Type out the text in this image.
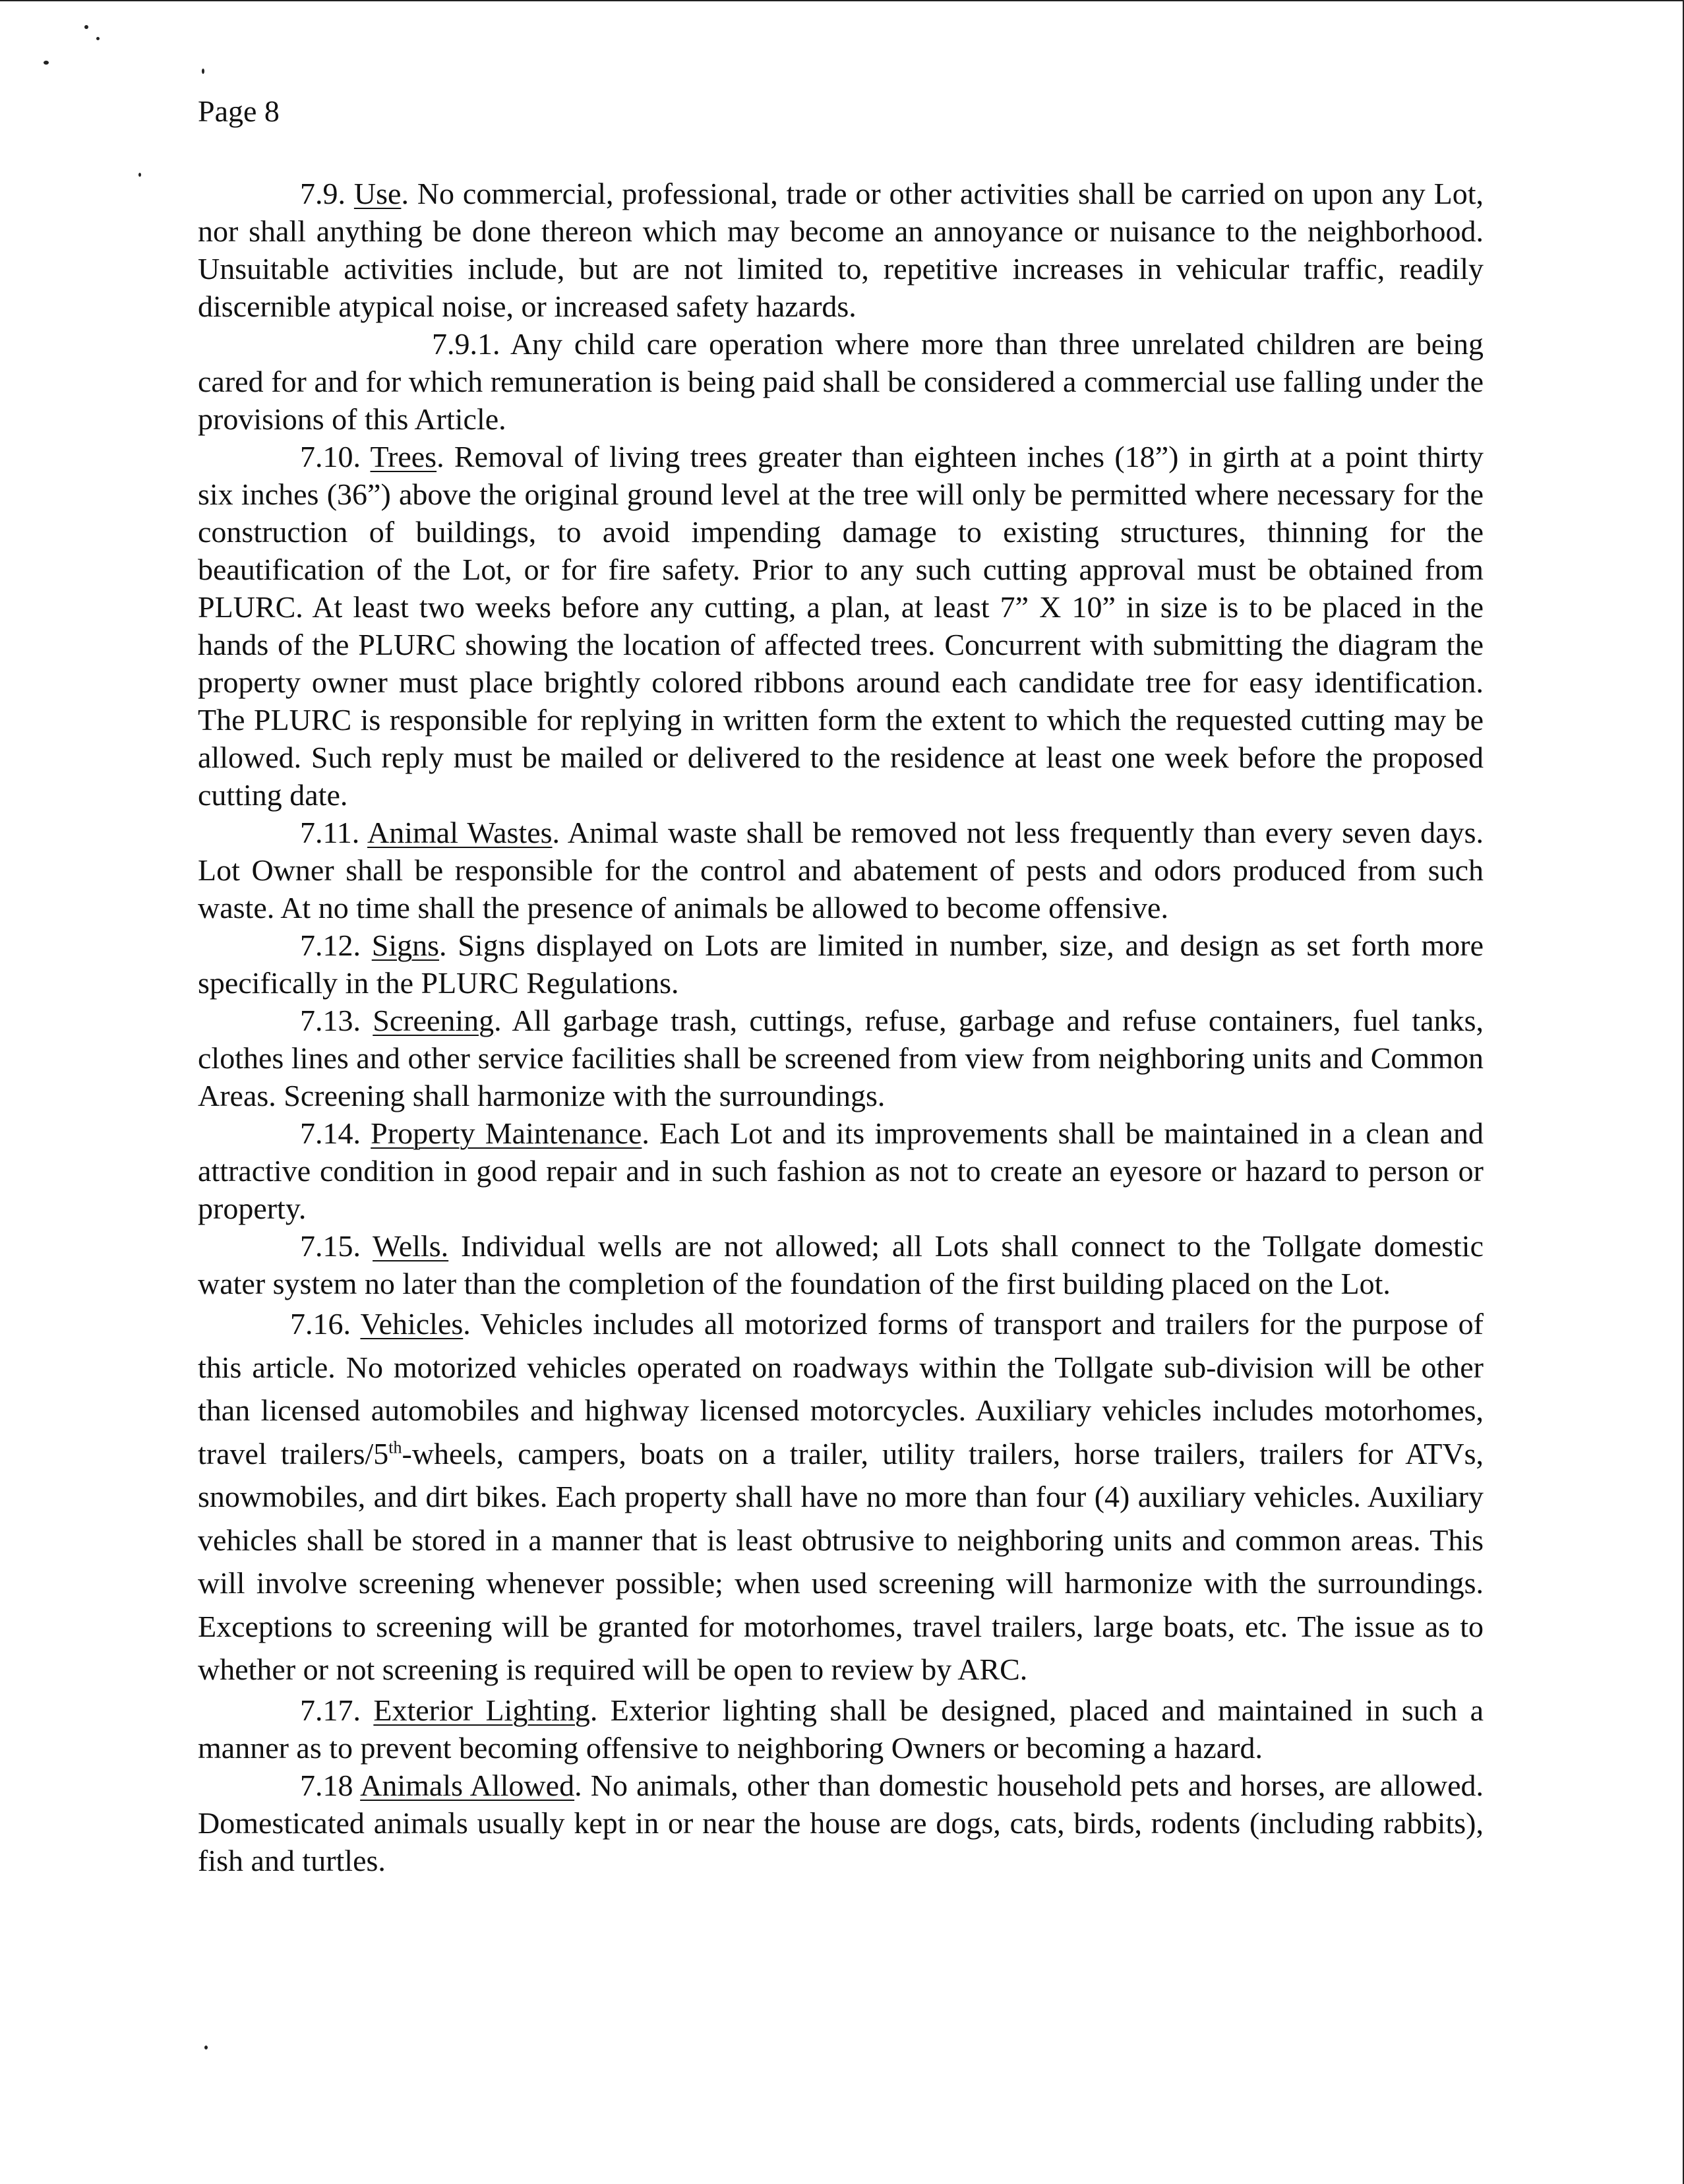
Page 8

7.9. Use. No commercial, professional, trade or other activities shall be carried on upon any Lot, nor shall anything be done thereon which may become an annoyance or nuisance to the neighborhood. Unsuitable activities include, but are not limited to, repetitive increases in vehicular traffic, readily discernible atypical noise, or increased safety hazards.

7.9.1. Any child care operation where more than three unrelated children are being cared for and for which remuneration is being paid shall be considered a commercial use falling under the provisions of this Article.

7.10. Trees. Removal of living trees greater than eighteen inches (18”) in girth at a point thirty six inches (36”) above the original ground level at the tree will only be permitted where necessary for the construction of buildings, to avoid impending damage to existing structures, thinning for the beautification of the Lot, or for fire safety. Prior to any such cutting approval must be obtained from PLURC. At least two weeks before any cutting, a plan, at least 7” X 10” in size is to be placed in the hands of the PLURC showing the location of affected trees. Concurrent with submitting the diagram the property owner must place brightly colored ribbons around each candidate tree for easy identification. The PLURC is responsible for replying in written form the extent to which the requested cutting may be allowed. Such reply must be mailed or delivered to the residence at least one week before the proposed cutting date.

7.11. Animal Wastes. Animal waste shall be removed not less frequently than every seven days. Lot Owner shall be responsible for the control and abatement of pests and odors produced from such waste. At no time shall the presence of animals be allowed to become offensive.

7.12. Signs. Signs displayed on Lots are limited in number, size, and design as set forth more specifically in the PLURC Regulations.

7.13. Screening. All garbage trash, cuttings, refuse, garbage and refuse containers, fuel tanks, clothes lines and other service facilities shall be screened from view from neighboring units and Common Areas. Screening shall harmonize with the surroundings.

7.14. Property Maintenance. Each Lot and its improvements shall be maintained in a clean and attractive condition in good repair and in such fashion as not to create an eyesore or hazard to person or property.

7.15. Wells. Individual wells are not allowed; all Lots shall connect to the Tollgate domestic water system no later than the completion of the foundation of the first building placed on the Lot.

7.16. Vehicles. Vehicles includes all motorized forms of transport and trailers for the purpose of this article. No motorized vehicles operated on roadways within the Tollgate sub-division will be other than licensed automobiles and highway licensed motorcycles. Auxiliary vehicles includes motorhomes, travel trailers/5th-wheels, campers, boats on a trailer, utility trailers, horse trailers, trailers for ATVs, snowmobiles, and dirt bikes. Each property shall have no more than four (4) auxiliary vehicles. Auxiliary vehicles shall be stored in a manner that is least obtrusive to neighboring units and common areas. This will involve screening whenever possible; when used screening will harmonize with the surroundings. Exceptions to screening will be granted for motorhomes, travel trailers, large boats, etc. The issue as to whether or not screening is required will be open to review by ARC.

7.17. Exterior Lighting. Exterior lighting shall be designed, placed and maintained in such a manner as to prevent becoming offensive to neighboring Owners or becoming a hazard.

7.18 Animals Allowed. No animals, other than domestic household pets and horses, are allowed. Domesticated animals usually kept in or near the house are dogs, cats, birds, rodents (including rabbits), fish and turtles.
